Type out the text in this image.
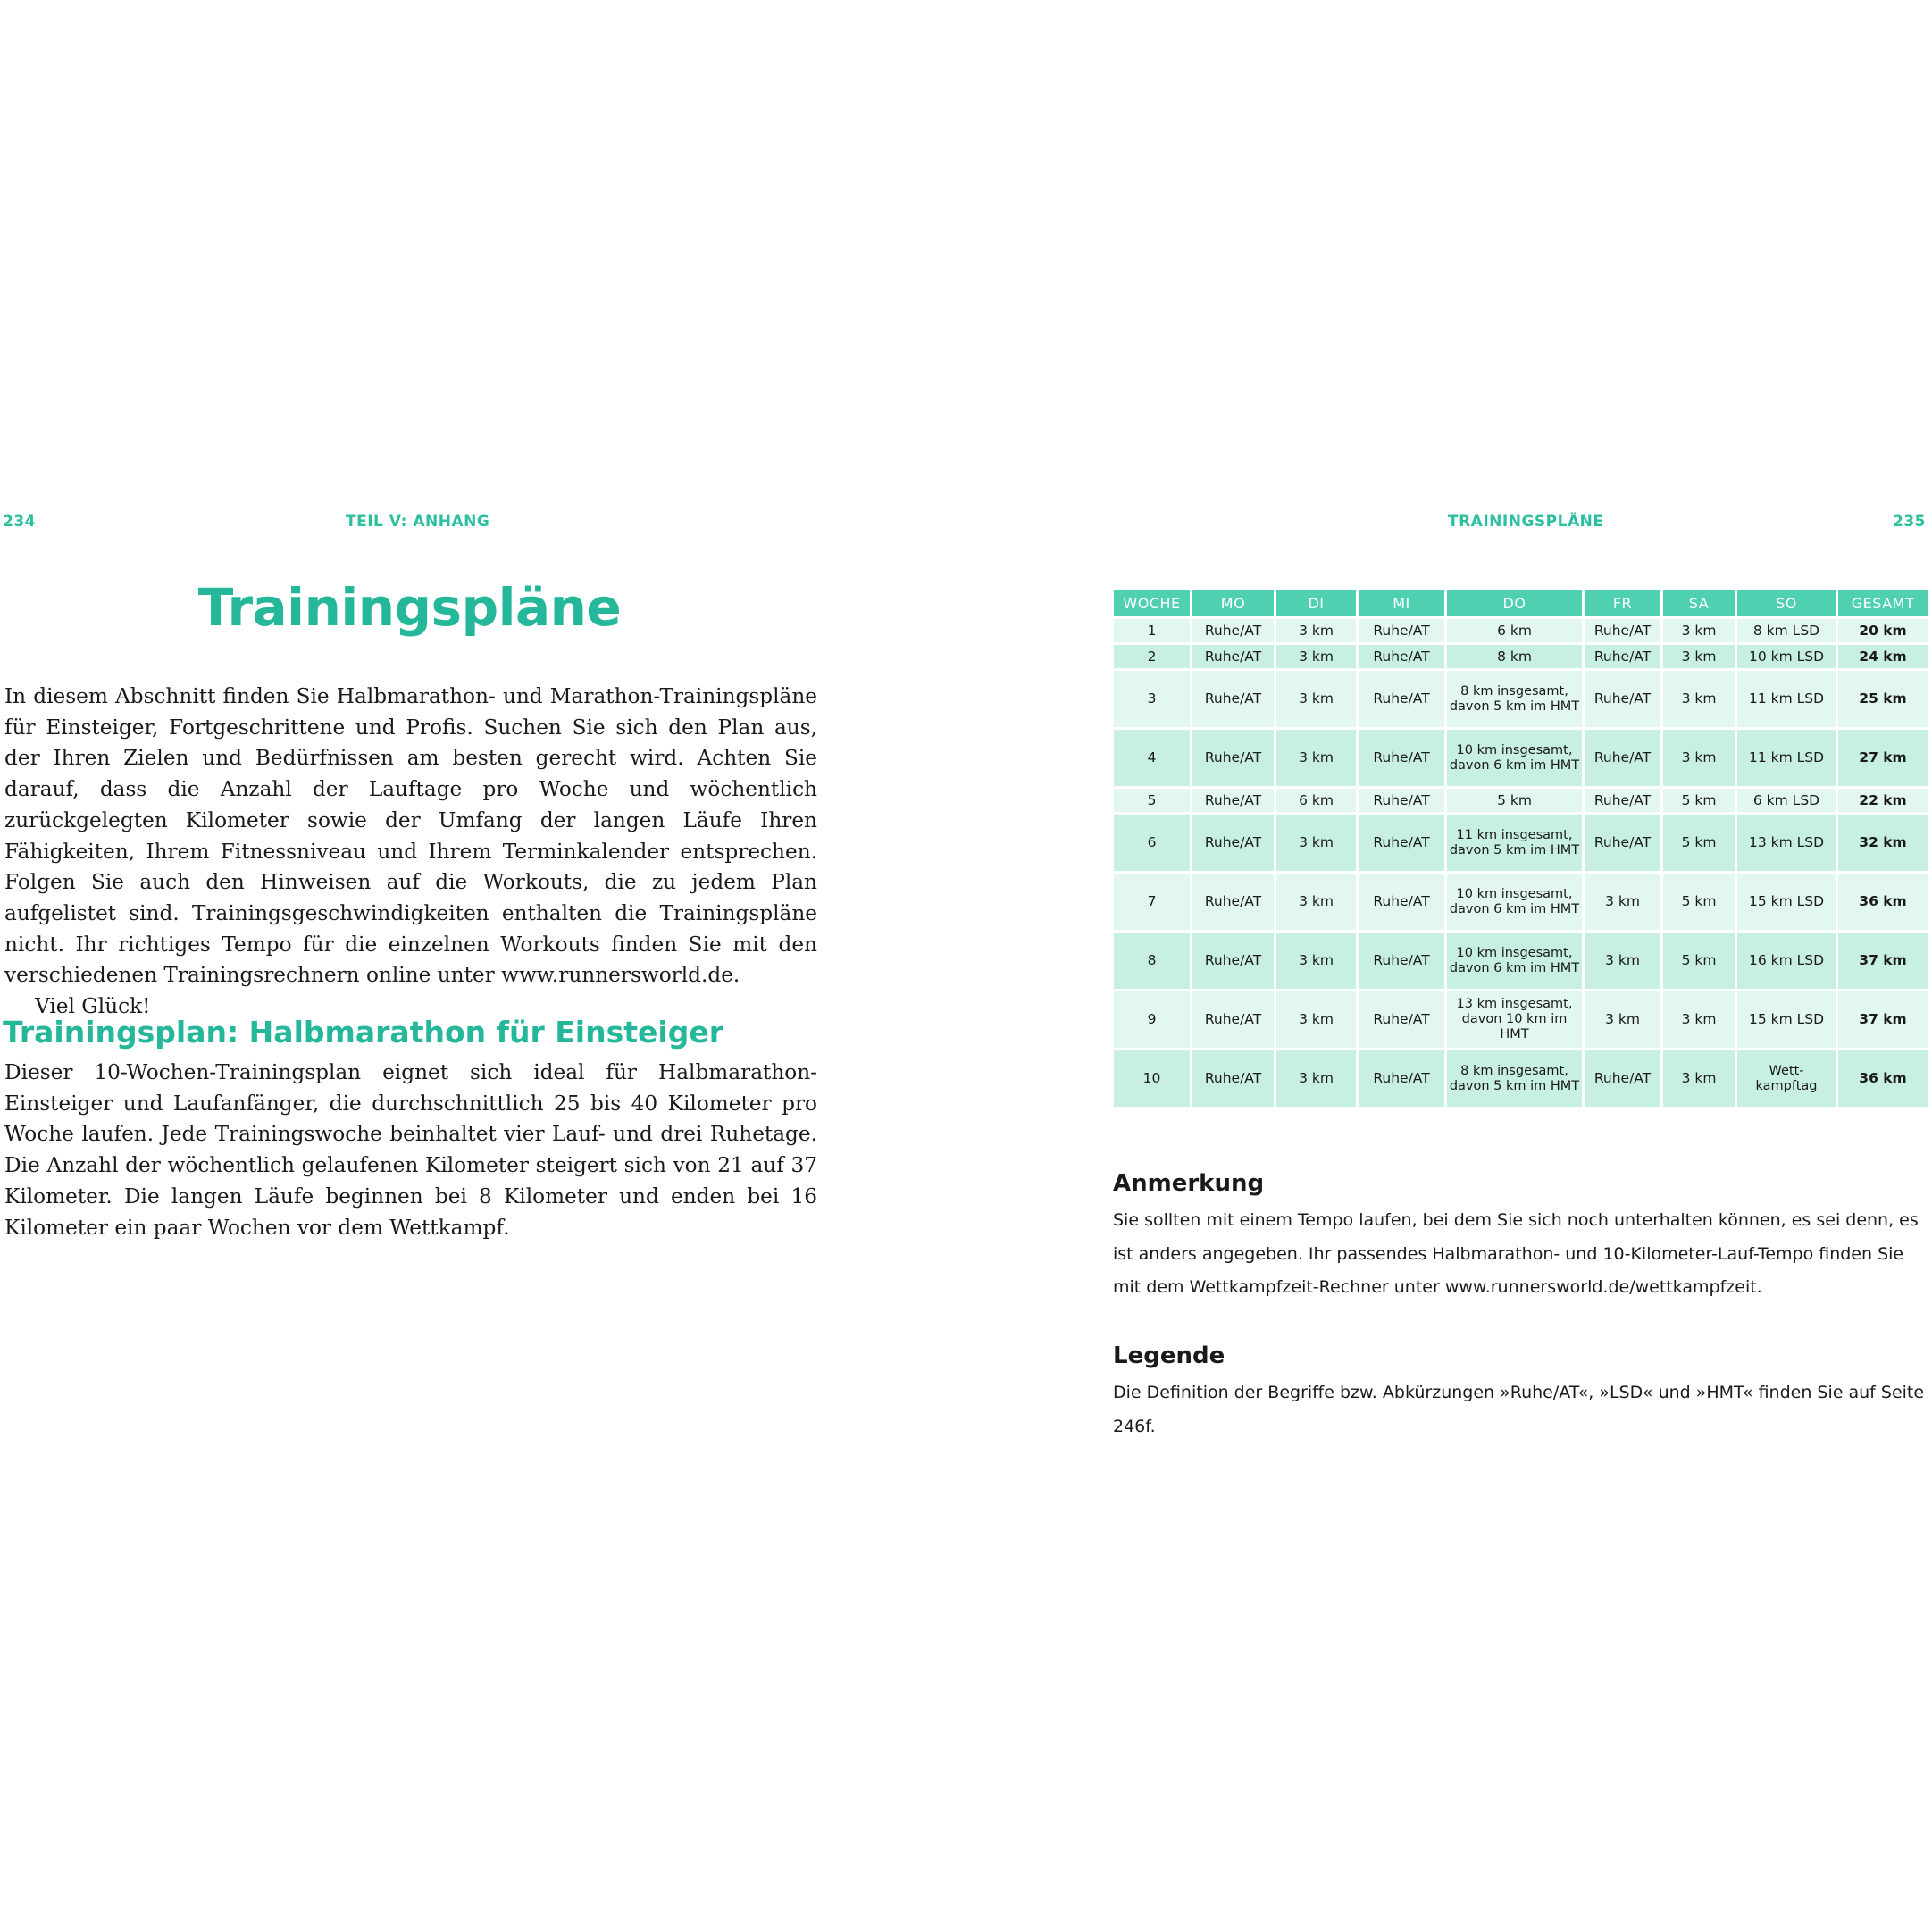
234	TEIL V: ANHANG
Trainingspläne

In diesem Abschnitt finden Sie Halbmarathon- und Marathon-Trainingspläne für Einsteiger, Fortgeschrittene und Profis. Suchen Sie sich den Plan aus, der Ihren Zielen und Bedürfnissen am besten gerecht wird. Achten Sie darauf, dass die Anzahl der Lauftage pro Woche und wöchentlich zurückgelegten Kilometer sowie der Umfang der langen Läufe Ihren Fähigkeiten, Ihrem Fitnessniveau und Ihrem Terminkalender entsprechen. Folgen Sie auch den Hinweisen auf die Workouts, die zu jedem Plan aufgelistet sind. Trainingsgeschwindigkeiten enthalten die Trainingspläne nicht. Ihr richtiges Tempo für die einzelnen Workouts finden Sie mit den verschiedenen Trainingsrechnern online unter www.runnersworld.de.

Viel Glück!

Trainingsplan: Halbmarathon für Einsteiger

Dieser 10-Wochen-Trainingsplan eignet sich ideal für Halbmarathon-Einsteiger und Laufanfänger, die durchschnittlich 25 bis 40 Kilometer pro Woche laufen. Jede Trainingswoche beinhaltet vier Lauf- und drei Ruhetage. Die Anzahl der wöchentlich gelaufenen Kilometer steigert sich von 21 auf 37 Kilometer. Die langen Läufe beginnen bei 8 Kilometer und enden bei 16 Kilometer ein paar Wochen vor dem Wettkampf.

TRAININGSPLÄNE	235
WOCHE	MO	DI	MI	DO	FR	SA	SO	GESAMT
1	Ruhe/AT	3 km	Ruhe/AT	6 km	Ruhe/AT	3 km	8 km LSD	20 km
2	Ruhe/AT	3 km	Ruhe/AT	8 km	Ruhe/AT	3 km	10 km LSD	24 km
3	Ruhe/AT	3 km	Ruhe/AT	8 km insgesamt, davon 5 km im HMT	Ruhe/AT	3 km	11 km LSD	25 km
4	Ruhe/AT	3 km	Ruhe/AT	10 km insgesamt, davon 6 km im HMT	Ruhe/AT	3 km	11 km LSD	27 km
5	Ruhe/AT	6 km	Ruhe/AT	5 km	Ruhe/AT	5 km	6 km LSD	22 km
6	Ruhe/AT	3 km	Ruhe/AT	11 km insgesamt, davon 5 km im HMT	Ruhe/AT	5 km	13 km LSD	32 km
7	Ruhe/AT	3 km	Ruhe/AT	10 km insgesamt, davon 6 km im HMT	3 km	5 km	15 km LSD	36 km
8	Ruhe/AT	3 km	Ruhe/AT	10 km insgesamt, davon 6 km im HMT	3 km	5 km	16 km LSD	37 km
9	Ruhe/AT	3 km	Ruhe/AT	13 km insgesamt, davon 10 km im HMT	3 km	3 km	15 km LSD	37 km
10	Ruhe/AT	3 km	Ruhe/AT	8 km insgesamt, davon 5 km im HMT	Ruhe/AT	3 km	Wett-kampftag	36 km
Anmerkung
Sie sollten mit einem Tempo laufen, bei dem Sie sich noch unterhalten können, es sei denn, es ist anders angegeben. Ihr passendes Halbmarathon- und 10-Kilometer-Lauf-Tempo finden Sie mit dem Wettkampfzeit-Rechner unter www.runnersworld.de/wettkampfzeit.
Legende
Die Definition der Begriffe bzw. Abkürzungen »Ruhe/AT«, »LSD« und »HMT« finden Sie auf Seite 246f.
